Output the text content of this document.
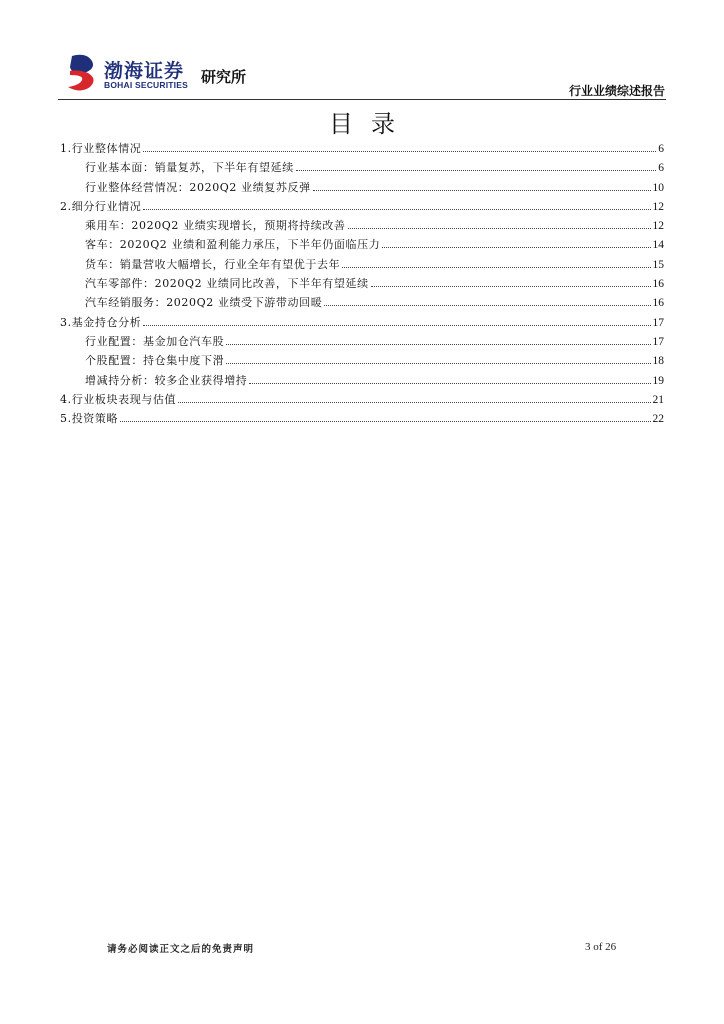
渤海证券
BOHAI SECURITIES 研究所
行业业绩综述报告
目录
1.行业整体情况	6
行业基本面：销量复苏，下半年有望延续	6
行业整体经营情况：2020Q2 业绩复苏反弹	10
2.细分行业情况	12
乘用车：2020Q2 业绩实现增长，预期将持续改善	12
客车：2020Q2 业绩和盈利能力承压，下半年仍面临压力	14
货车：销量营收大幅增长，行业全年有望优于去年	15
汽车零部件：2020Q2 业绩同比改善，下半年有望延续	16
汽车经销服务：2020Q2 业绩受下游带动回暖	16
3.基金持仓分析	17
行业配置：基金加仓汽车股	17
个股配置：持仓集中度下滑	18
增减持分析：较多企业获得增持	19
4.行业板块表现与估值	21
5.投资策略	22
请务必阅读正文之后的免责声明	3 of 26
